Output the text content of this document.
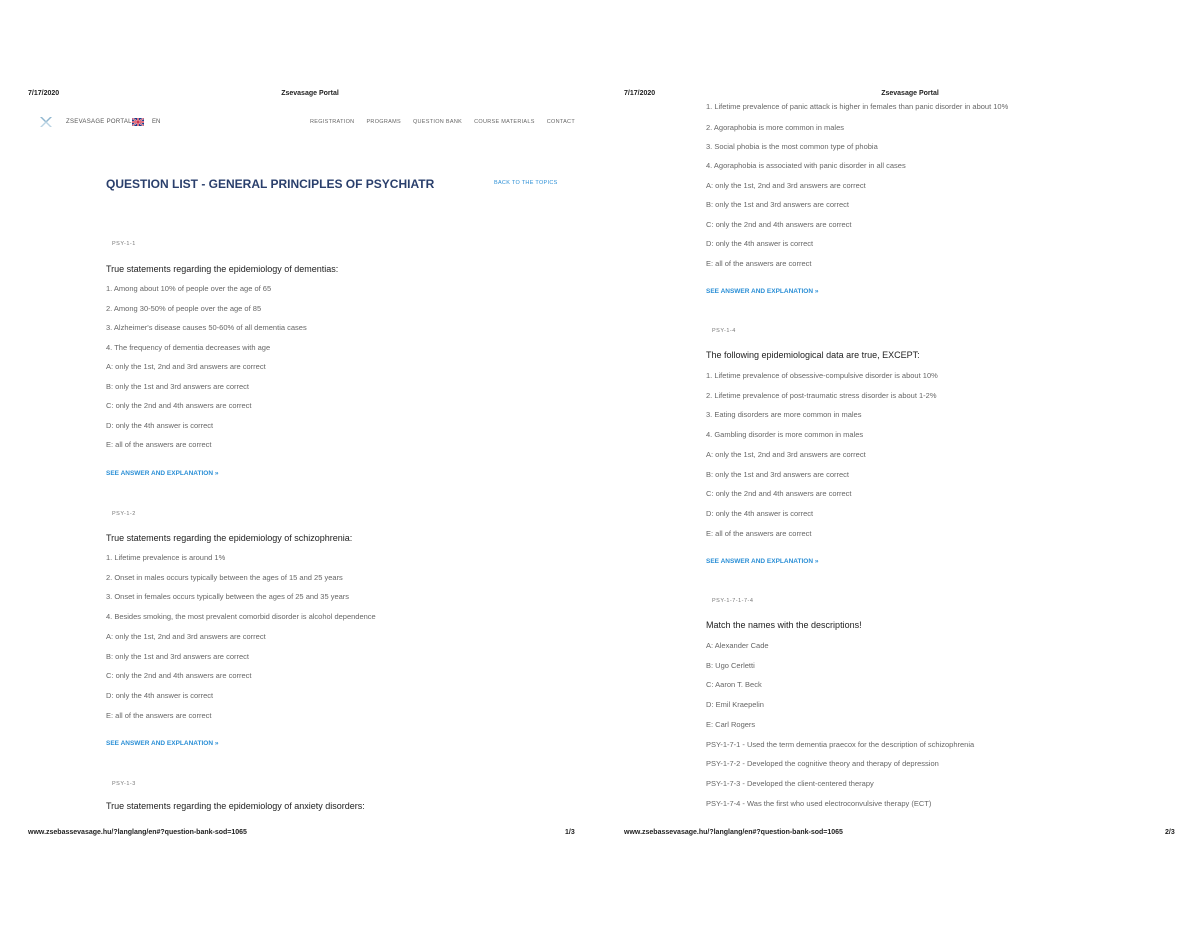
7/17/2020	Zsevasage Portal
ZSEVASAGE PORTAL	EN	REGISTRATION PROGRAMS QUESTION BANK COURSE MATERIALS CONTACT
QUESTION LIST - GENERAL PRINCIPLES OF PSYCHIATR	BACK TO THE TOPICS
PSY-1-1
True statements regarding the epidemiology of dementias:
1. Among about 10% of people over the age of 65
2. Among 30-50% of people over the age of 85
3. Alzheimer's disease causes 50-60% of all dementia cases
4. The frequency of dementia decreases with age
A: only the 1st, 2nd and 3rd answers are correct
B: only the 1st and 3rd answers are correct
C: only the 2nd and 4th answers are correct
D: only the 4th answer is correct
E: all of the answers are correct
SEE ANSWER AND EXPLANATION »
PSY-1-2
True statements regarding the epidemiology of schizophrenia:
1. Lifetime prevalence is around 1%
2. Onset in males occurs typically between the ages of 15 and 25 years
3. Onset in females occurs typically between the ages of 25 and 35 years
4. Besides smoking, the most prevalent comorbid disorder is alcohol dependence
A: only the 1st, 2nd and 3rd answers are correct
B: only the 1st and 3rd answers are correct
C: only the 2nd and 4th answers are correct
D: only the 4th answer is correct
E: all of the answers are correct
SEE ANSWER AND EXPLANATION »
PSY-1-3
True statements regarding the epidemiology of anxiety disorders:
www.zsebassevasage.hu/?langlang/en#?question-bank-sod=1065	1/3
7/17/2020	Zsevasage Portal
1. Lifetime prevalence of panic attack is higher in females than panic disorder in about 10%
2. Agoraphobia is more common in males
3. Social phobia is the most common type of phobia
4. Agoraphobia is associated with panic disorder in all cases
A: only the 1st, 2nd and 3rd answers are correct
B: only the 1st and 3rd answers are correct
C: only the 2nd and 4th answers are correct
D: only the 4th answer is correct
E: all of the answers are correct
SEE ANSWER AND EXPLANATION »
PSY-1-4
The following epidemiological data are true, EXCEPT:
1. Lifetime prevalence of obsessive-compulsive disorder is about 10%
2. Lifetime prevalence of post-traumatic stress disorder is about 1-2%
3. Eating disorders are more common in males
4. Gambling disorder is more common in males
A: only the 1st, 2nd and 3rd answers are correct
B: only the 1st and 3rd answers are correct
C: only the 2nd and 4th answers are correct
D: only the 4th answer is correct
E: all of the answers are correct
SEE ANSWER AND EXPLANATION »
PSY-1-7-1-7-4
Match the names with the descriptions!
A: Alexander Cade
B: Ugo Cerletti
C: Aaron T. Beck
D: Emil Kraepelin
E: Carl Rogers
PSY-1-7-1 - Used the term dementia praecox for the description of schizophrenia
PSY-1-7-2 - Developed the cognitive theory and therapy of depression
PSY-1-7-3 - Developed the client-centered therapy
PSY-1-7-4 - Was the first who used electroconvulsive therapy (ECT)
www.zsebassevasage.hu/?langlang/en#?question-bank-sod=1065	2/3
